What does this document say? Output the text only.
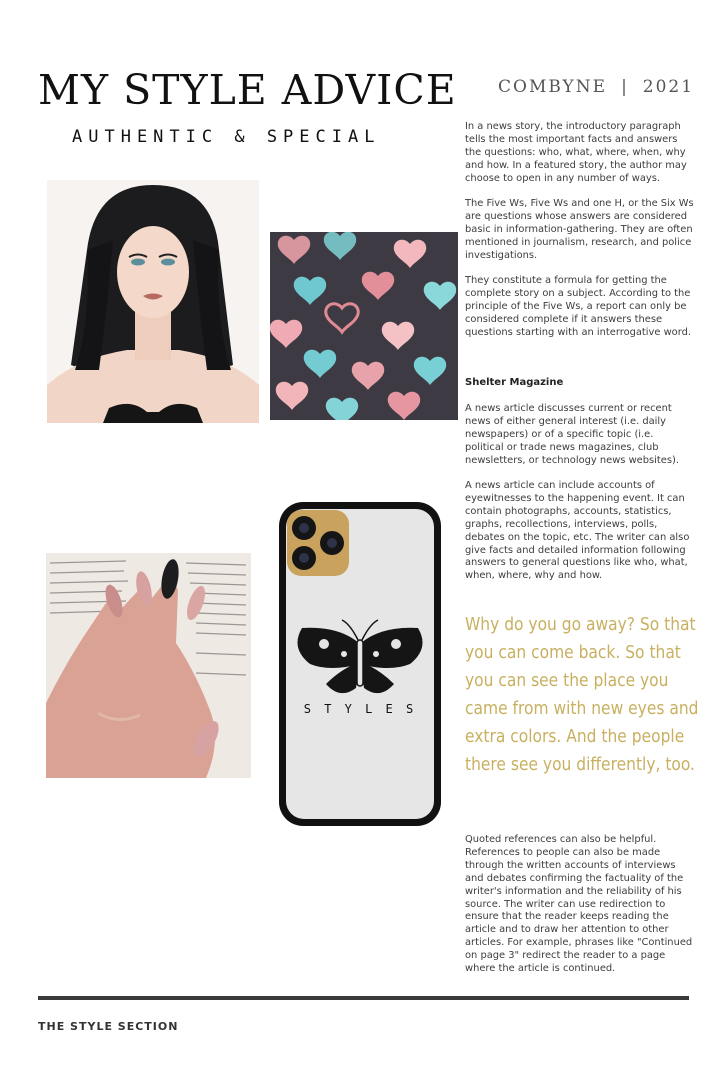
MY STYLE ADVICE
AUTHENTIC & SPECIAL
COMBYNE | 2021
S T Y L E S

In a news story, the introductory paragraph tells the most important facts and answers the questions: who, what, where, when, why and how. In a featured story, the author may choose to open in any number of ways.

The Five Ws, Five Ws and one H, or the Six Ws are questions whose answers are considered basic in information-gathering. They are often mentioned in journalism, research, and police investigations.

They constitute a formula for getting the complete story on a subject. According to the principle of the Five Ws, a report can only be considered complete if it answers these questions starting with an interrogative word.

Shelter Magazine

A news article discusses current or recent news of either general interest (i.e. daily newspapers) or of a specific topic (i.e. political or trade news magazines, club newsletters, or technology news websites).

A news article can include accounts of eyewitnesses to the happening event. It can contain photographs, accounts, statistics, graphs, recollections, interviews, polls, debates on the topic, etc. The writer can also give facts and detailed information following answers to general questions like who, what, when, where, why and how.

Why do you go away? So that you can come back. So that you can see the place you came from with new eyes and extra colors. And the people there see you differently, too.

Quoted references can also be helpful. References to people can also be made through the written accounts of interviews and debates confirming the factuality of the writer's information and the reliability of his source. The writer can use redirection to ensure that the reader keeps reading the article and to draw her attention to other articles. For example, phrases like "Continued on page 3" redirect the reader to a page where the article is continued.

THE STYLE SECTION
